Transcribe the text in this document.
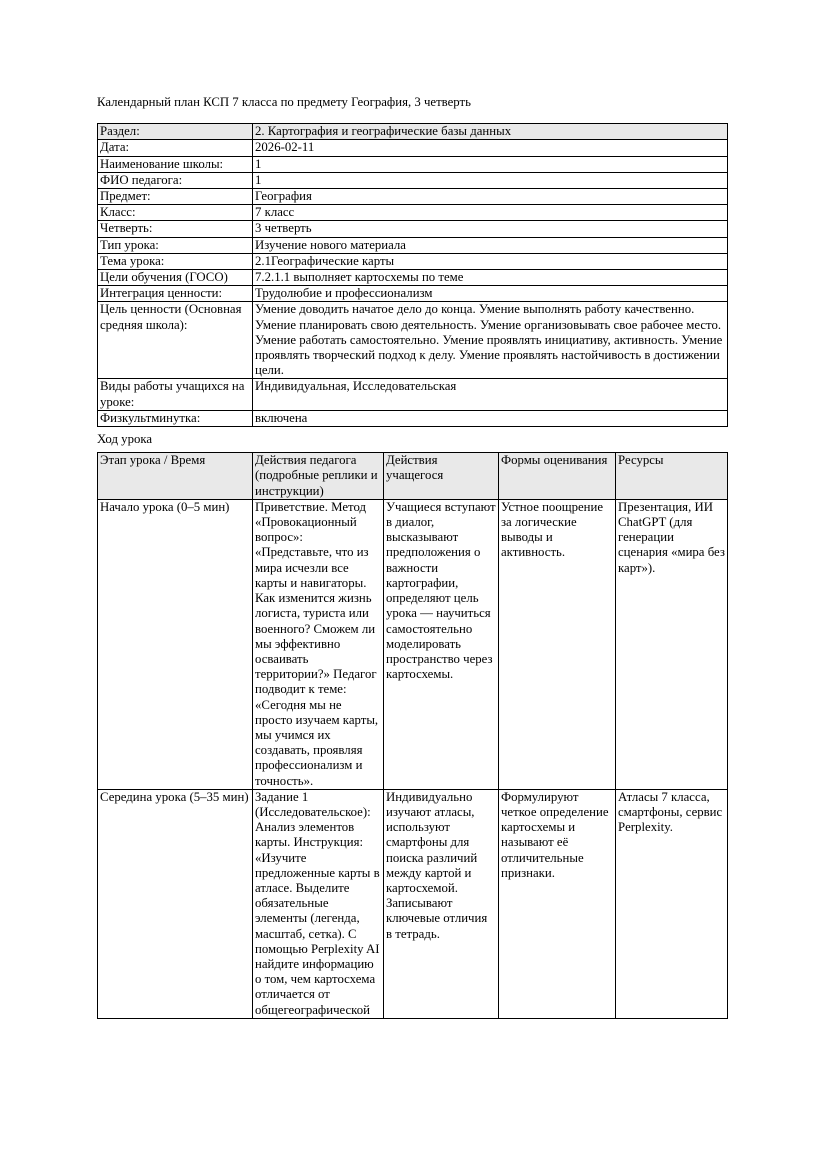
Календарный план КСП 7 класса по предмету География, 3 четверть

Раздел:	2. Картография и географические базы данных
Дата:	2026-02-11
Наименование школы:	1
ФИО педагога:	1
Предмет:	География
Класс:	7 класс
Четверть:	3 четверть
Тип урока:	Изучение нового материала
Тема урока:	2.1Географические карты
Цели обучения (ГОСО)	7.2.1.1 выполняет картосхемы по теме
Интеграция ценности:	Трудолюбие и профессионализм
Цель ценности (Основная средняя школа):	Умение доводить начатое дело до конца. Умение выполнять работу качественно. Умение планировать свою деятельность. Умение организовывать свое рабочее место. Умение работать самостоятельно. Умение проявлять инициативу, активность. Умение проявлять творческий подход к делу. Умение проявлять настойчивость в достижении цели.
Виды работы учащихся на уроке:	Индивидуальная, Исследовательская
Физкультминутка:	включена

Ход урока

Этап урока / Время	Действия педагога (подробные реплики и инструкции)	Действия учащегося	Формы оценивания	Ресурсы
Начало урока (0–5 мин)	Приветствие. Метод «Провокационный вопрос»: «Представьте, что из мира исчезли все карты и навигаторы. Как изменится жизнь логиста, туриста или военного? Сможем ли мы эффективно осваивать территории?» Педагог подводит к теме: «Сегодня мы не просто изучаем карты, мы учимся их создавать, проявляя профессионализм и точность».	Учащиеся вступают в диалог, высказывают предположения о важности картографии, определяют цель урока — научиться самостоятельно моделировать пространство через картосхемы.	Устное поощрение за логические выводы и активность.	Презентация, ИИ ChatGPT (для генерации сценария «мира без карт»).
Середина урока (5–35 мин)	Задание 1 (Исследовательское): Анализ элементов карты. Инструкция: «Изучите предложенные карты в атласе. Выделите обязательные элементы (легенда, масштаб, сетка). С помощью Perplexity AI найдите информацию о том, чем картосхема отличается от общегеографической	Индивидуально изучают атласы, используют смартфоны для поиска различий между картой и картосхемой. Записывают ключевые отличия в тетрадь.	Формулируют четкое определение картосхемы и называют её отличительные признаки.	Атласы 7 класса, смартфоны, сервис Perplexity.
